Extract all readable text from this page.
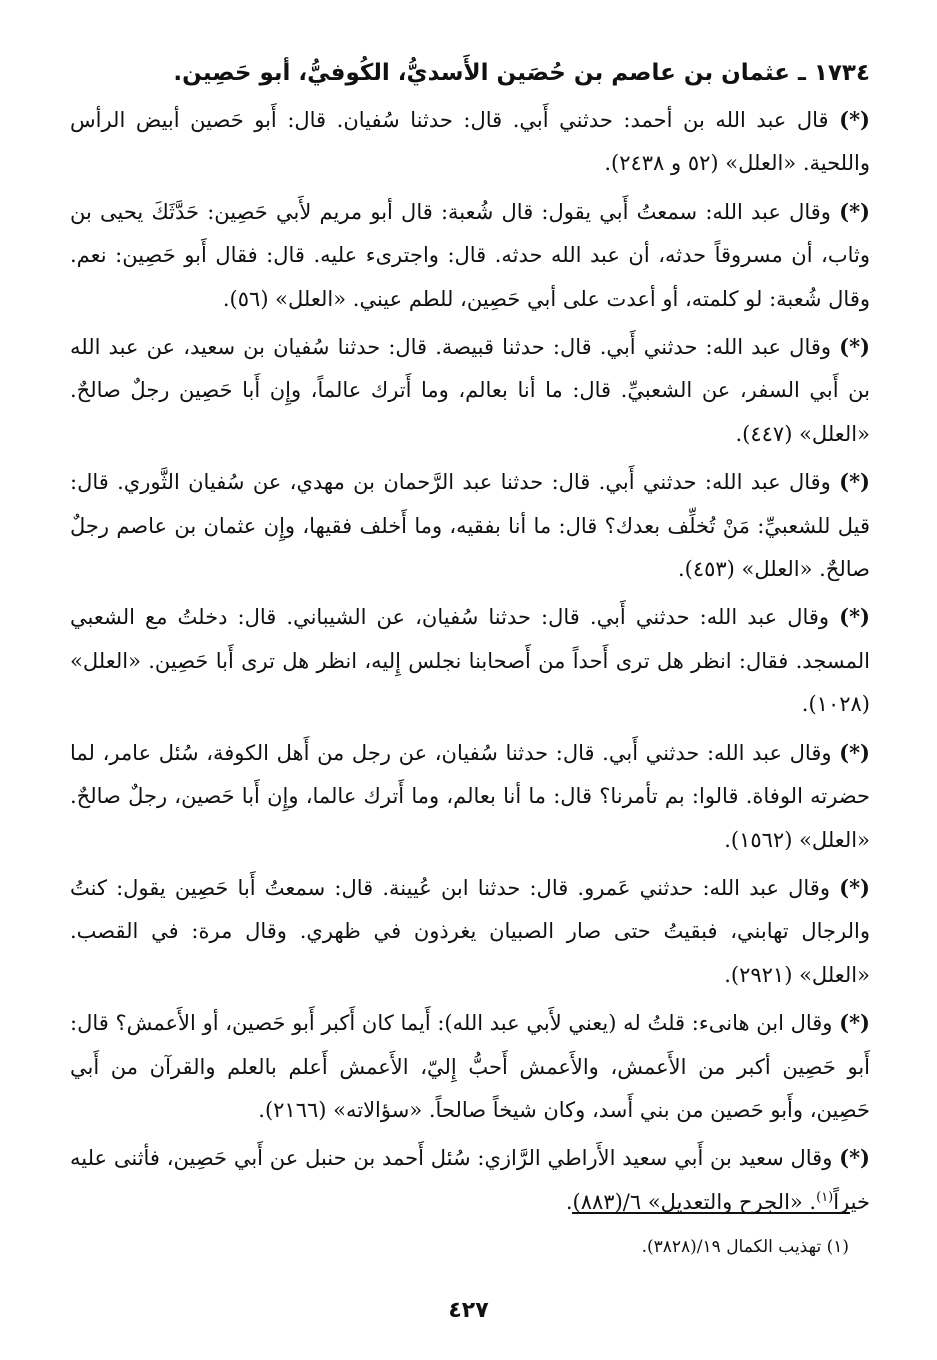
١٧٣٤ ـ عثمان بن عاصم بن حُصَين الأَسديُّ، الكُوفيُّ، أبو حَصِين.

(*) قال عبد الله بن أحمد: حدثني أَبي. قال: حدثنا سُفيان. قال: أَبو حَصين أبيض الرأس واللحية. «العلل» (٥٢ و ٢٤٣٨).

(*) وقال عبد الله: سمعتُ أَبي يقول: قال شُعبة: قال أبو مريم لأَبي حَصِين: حَدَّثَكَ يحيى بن وثاب، أن مسروقاً حدثه، أن عبد الله حدثه. قال: واجترىء عليه. قال: فقال أَبو حَصِين: نعم. وقال شُعبة: لو كلمته، أو أعدت على أبي حَصِين، للطم عيني. «العلل» (٥٦).

(*) وقال عبد الله: حدثني أَبي. قال: حدثنا قبيصة. قال: حدثنا سُفيان بن سعيد، عن عبد الله بن أَبي السفر، عن الشعبيِّ. قال: ما أنا بعالم، وما أَترك عالماً، وإِن أَبا حَصِين رجلٌ صالحٌ. «العلل» (٤٤٧).

(*) وقال عبد الله: حدثني أَبي. قال: حدثنا عبد الرَّحمان بن مهدي، عن سُفيان الثَّوري. قال: قيل للشعبيِّ: مَنْ تُخلِّف بعدك؟ قال: ما أنا بفقيه، وما أَخلف فقيها، وإِن عثمان بن عاصم رجلٌ صالحٌ. «العلل» (٤٥٣).

(*) وقال عبد الله: حدثني أَبي. قال: حدثنا سُفيان، عن الشيباني. قال: دخلتُ مع الشعبي المسجد. فقال: انظر هل ترى أَحداً من أَصحابنا نجلس إِليه، انظر هل ترى أَبا حَصِين. «العلل» (١٠٢٨).

(*) وقال عبد الله: حدثني أَبي. قال: حدثنا سُفيان، عن رجل من أَهل الكوفة، سُئل عامر، لما حضرته الوفاة. قالوا: بم تأمرنا؟ قال: ما أنا بعالم، وما أَترك عالما، وإِن أَبا حَصين، رجلٌ صالحٌ. «العلل» (١٥٦٢).

(*) وقال عبد الله: حدثني عَمرو. قال: حدثنا ابن عُيينة. قال: سمعتُ أَبا حَصِين يقول: كنتُ والرجال تهابني، فبقيتُ حتى صار الصبيان يغرذون في ظهري. وقال مرة: في القصب. «العلل» (٢٩٢١).

(*) وقال ابن هانىء: قلتُ له (يعني لأَبي عبد الله): أَيما كان أَكبر أَبو حَصين، أو الأَعمش؟ قال: أَبو حَصِين أكبر من الأَعمش، والأَعمش أَحبُّ إِليّ، الأَعمش أَعلم بالعلم والقرآن من أَبي حَصِين، وأَبو حَصين من بني أَسد، وكان شيخاً صالحاً. «سؤالاته» (٢١٦٦).

(*) وقال سعيد بن أَبي سعيد الأَراطي الرَّازي: سُئل أَحمد بن حنبل عن أَبي حَصِين، فأثنى عليه خيراً$^{(١)}$. «الجرح والتعديل» ٦/(٨٨٣).

(١) تهذيب الكمال ١٩/(٣٨٢٨).
٤٢٧
